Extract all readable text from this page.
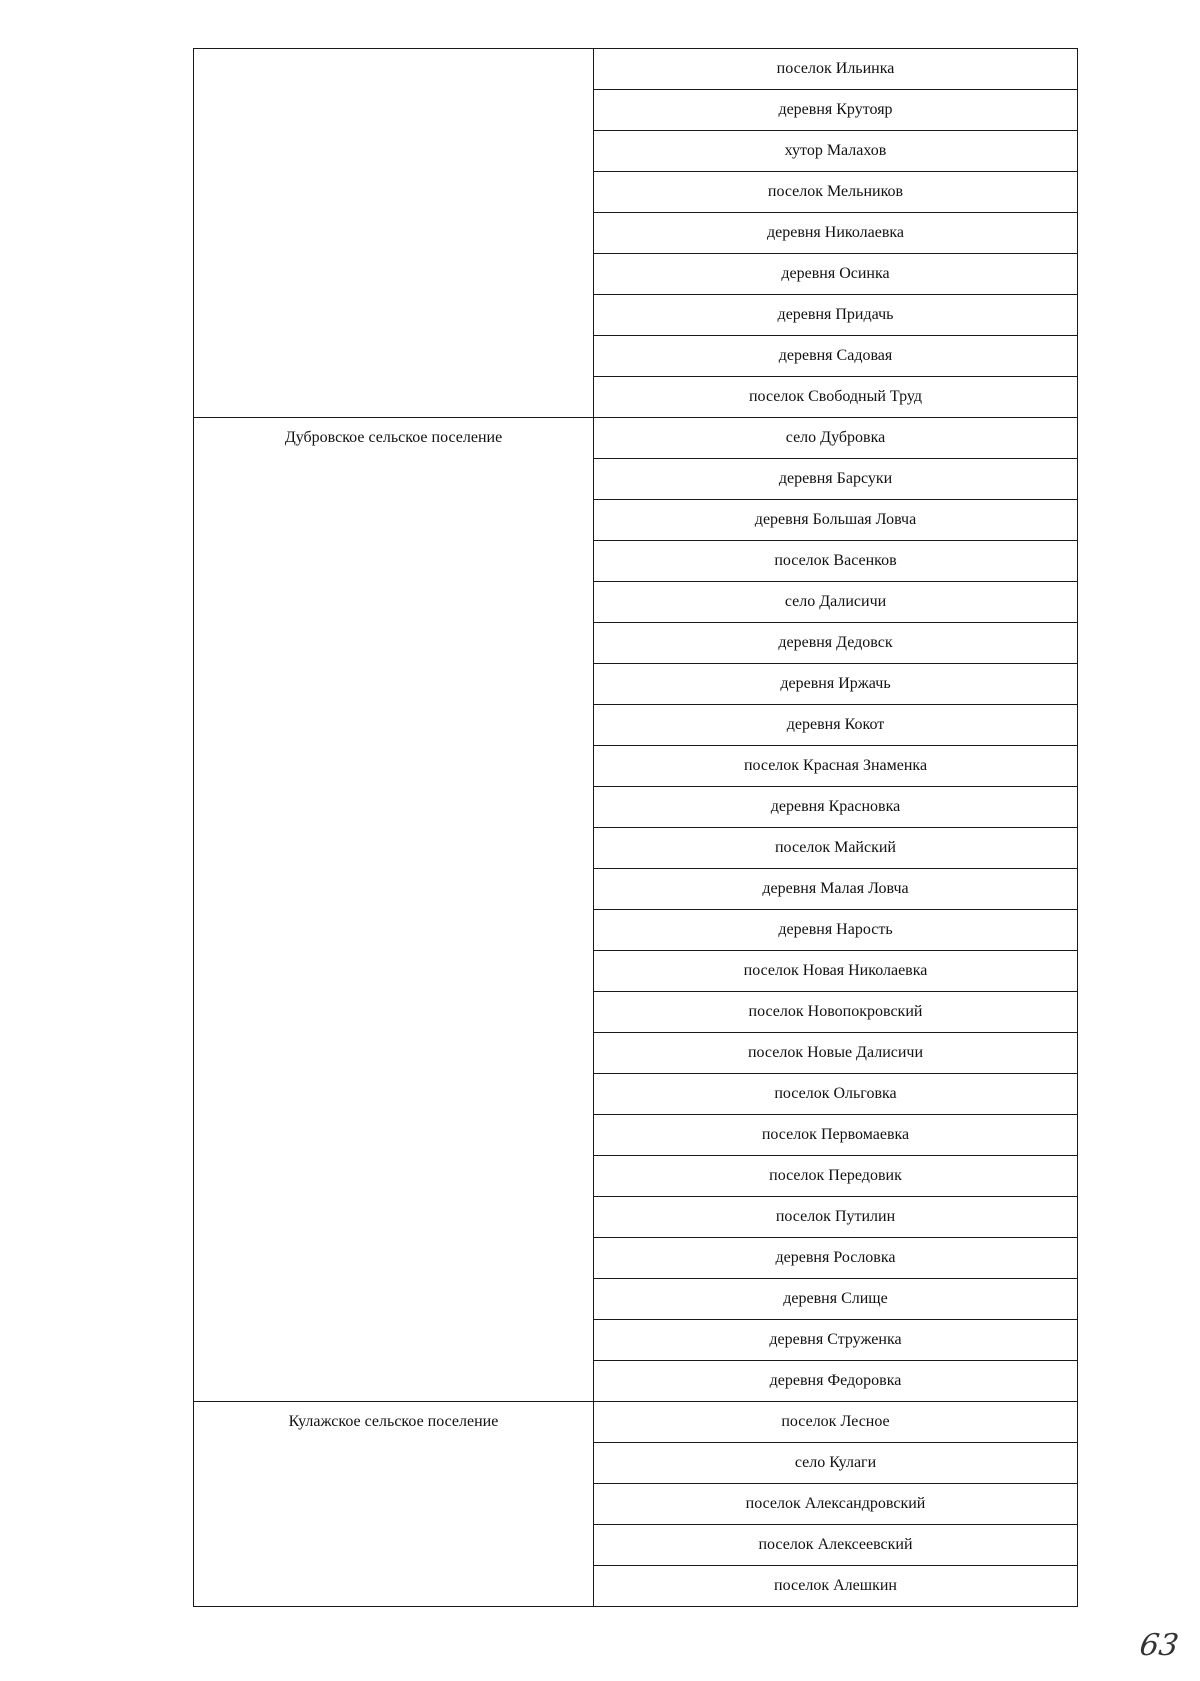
	поселок Ильинка
	деревня Крутояр
	хутор Малахов
	поселок Мельников
	деревня Николаевка
	деревня Осинка
	деревня Придачь
	деревня Садовая
	поселок Свободный Труд

Дубровское сельское поселение	село Дубровка
	деревня Барсуки
	деревня Большая Ловча
	поселок Васенков
	село Далисичи
	деревня Дедовск
	деревня Иржачь
	деревня Кокот
	поселок Красная Знаменка
	деревня Красновка
	поселок Майский
	деревня Малая Ловча
	деревня Нарость
	поселок Новая Николаевка
	поселок Новопокровский
	поселок Новые Далисичи
	поселок Ольговка
	поселок Первомаевка
	поселок Передовик
	поселок Путилин
	деревня Рословка
	деревня Слище
	деревня Струженка
	деревня Федоровка

Кулажское сельское поселение	поселок Лесное
	село Кулаги
	поселок Александровский
	поселок Алексеевский
	поселок Алешкин
63
